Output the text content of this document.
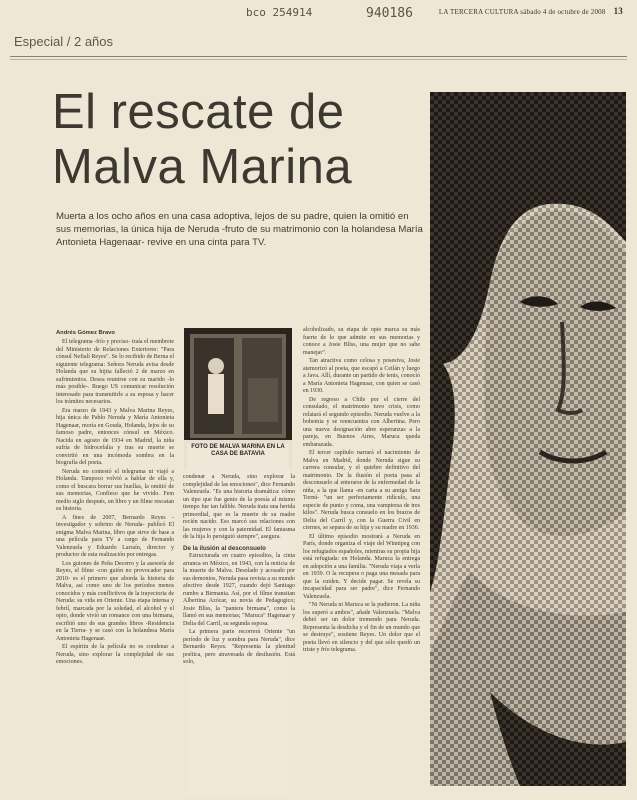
bco 254914	940186	LA TERCERA CULTURA sábado 4 de octubre de 2008 13
Especial / 2 años
El rescate de
Malva Marina

Muerta a los ocho años en una casa adoptiva, lejos de su padre, quien la omitió en sus memorias, la única hija de Neruda -fruto de su matrimonio con la holandesa María Antonieta Hagenaar- revive en una cinta para TV.

FOTO DE MALVA MARINA EN LA CASA DE BATAVIA
Andrés Gómez Bravo

El telegrama -frío y preciso- traía el membrete del Ministerio de Relaciones Exteriores: "Para cónsul Neftalí Reyes". Se lo recibido de Berna el siguiente telegrama: Señora Neruda avisa desde Holanda que su hijita falleció 2 de marzo en sufrimientos. Desea reunirse con su marido -lo más posible-. Ruego US comunicar resolución interesado para transmitirle a su esposa y hacer los trámites necesarios.

Era marzo de 1943 y Malva Marina Reyes, hija única de Pablo Neruda y María Antonieta Hagenaar, moría en Gouda, Holanda, lejos de su famoso padre, entonces cónsul en México. Nacida en agosto de 1934 en Madrid, la niña sufría de hidrocefalia y tras su muerte se convirtió en una incómoda sombra en la biografía del poeta.

Neruda no contestó el telegrama ni viajó a Holanda. Tampoco volvió a hablar de ella y, como el buscara borrar sus huellas, la omitió de sus memorias, Confieso que he vivido. Fem medio siglo después, un libro y un filme rescatan su historia.

A fines de 2007, Bernardo Reyes -investigador y sobrino de Neruda- publicó El enigma Malva Marina, libro que sirve de base a una película para TV a cargo de Fernando Valenzuela y Eduardo Larraín, director y productor de esta realización por entregas.

Los guiones de Peña Decerro y la asesoría de Reyes, el filme -con guión no provocador para 2010- es el primero que aborda la historia de Malva, así como uno de los períodos menos conocidos y más conflictivos de la trayectoria de Neruda: su vida en Oriente. Una etapa intensa y febril, marcada por la soledad, el alcohol y el opio, donde vivió un romance con una birmana, escribió uno de sus grandes libros -Residencia en la Tierra- y se casó con la holandesa María Antonieta Hagenaar.

El espíritu de la película no es condenar a Neruda, sino explorar la complejidad de sus emociones.

condenar a Neruda, sino explorar la complejidad de las emociones", dice Fernando Valenzuela. "Es una historia dramática: cómo un tipo que fue genio de la poesía al mismo tiempo fue tan falible. Neruda trata una herida primordial, que es la muerte de su madre recién nacido. Eso marcó sus relaciones con las mujeres y con la paternidad. El fantasma de la hija lo persiguió siempre", asegura.

De la ilusión al desconsuelo

Estructurada en cuatro episodios, la cinta arranca en México, en 1943, con la noticia de la muerte de Malva. Desolado y acosado por sus demonios, Neruda pasa revista a su mundo afectivo desde 1927, cuando dejó Santiago rumbo a Birmania. Así, por el filme transitan Albertina Azócar, su novia de Pedagogico; Josie Bliss, la "pantera birmana", como la llamó en sus memorias; "Maruca" Hagenaar y Delia del Carril, su segunda esposa.

La primera parte recorrerá Oriente "un período de luz y sombra para Neruda", dice Bernardo Reyes. "Representa la plenitud poética, pero atravesada de desilusión. Está solo,

alcoholizado, su etapa de opio marca su más fuerte de lo que admite en sus memorias y conoce a Josie Bliss, una mujer que no sabe manejar".

Tan atractiva como celosa y posesiva, Josie atemorizó al poeta, que escapó a Ceilán y luego a Java. Allí, durante un partido de tenis, conoció a María Antonieta Hagenaar, con quien se casó en 1930.

De regreso a Chile por el cierre del consulado, el matrimonio tuvo crisis, como relatará el segundo episodio. Neruda vuelve a la bohemia y se reencuentra con Albertina. Pero una nueva designación abre esperanzas a la pareja, en Buenos Aires, Maruca queda embarazada.

El tercer capítulo narrará el nacimiento de Malva en Madrid, donde Neruda sigue su carrera consular, y el quiebre definitivo del matrimonio. De la ilusión el poeta pasa al desconsuelo al enterarse de la enfermedad de la niña, a la que llama -en carta a su amiga Sara Tornú- "un ser perfectamente ridículo, una especie de punto y coma, una vampiresa de tres kilos". Neruda busca consuelo en los brazos de Delia del Carril y, con la Guerra Civil en ciernes, se separa de su hija y su madre en 1936.

El último episodio mostrará a Neruda en París, donde organiza el viaje del Winnipeg con los refugiados españoles, mientras su propia hija está refugiada: en Holanda. Maruca la entrega en adopción a una familia. "Neruda viaja a verla en 1939. O la recupera o paga una mesada para que la cuiden. Y decide pagar. Se revela su incapacidad para ser padre", dice Fernando Valenzuela.

"Ni Neruda ni Maruca se la pudieron. La niña los superó a ambos", añade Valenzuela. "Malva debió ser un dolor tremendo para Neruda. Representa la desdicha y el fin de un mundo que se destruye", sostiene Reyes. Un dolor que el poeta llevó en silencio y del que sólo quedó un triste y frío telegrama.
